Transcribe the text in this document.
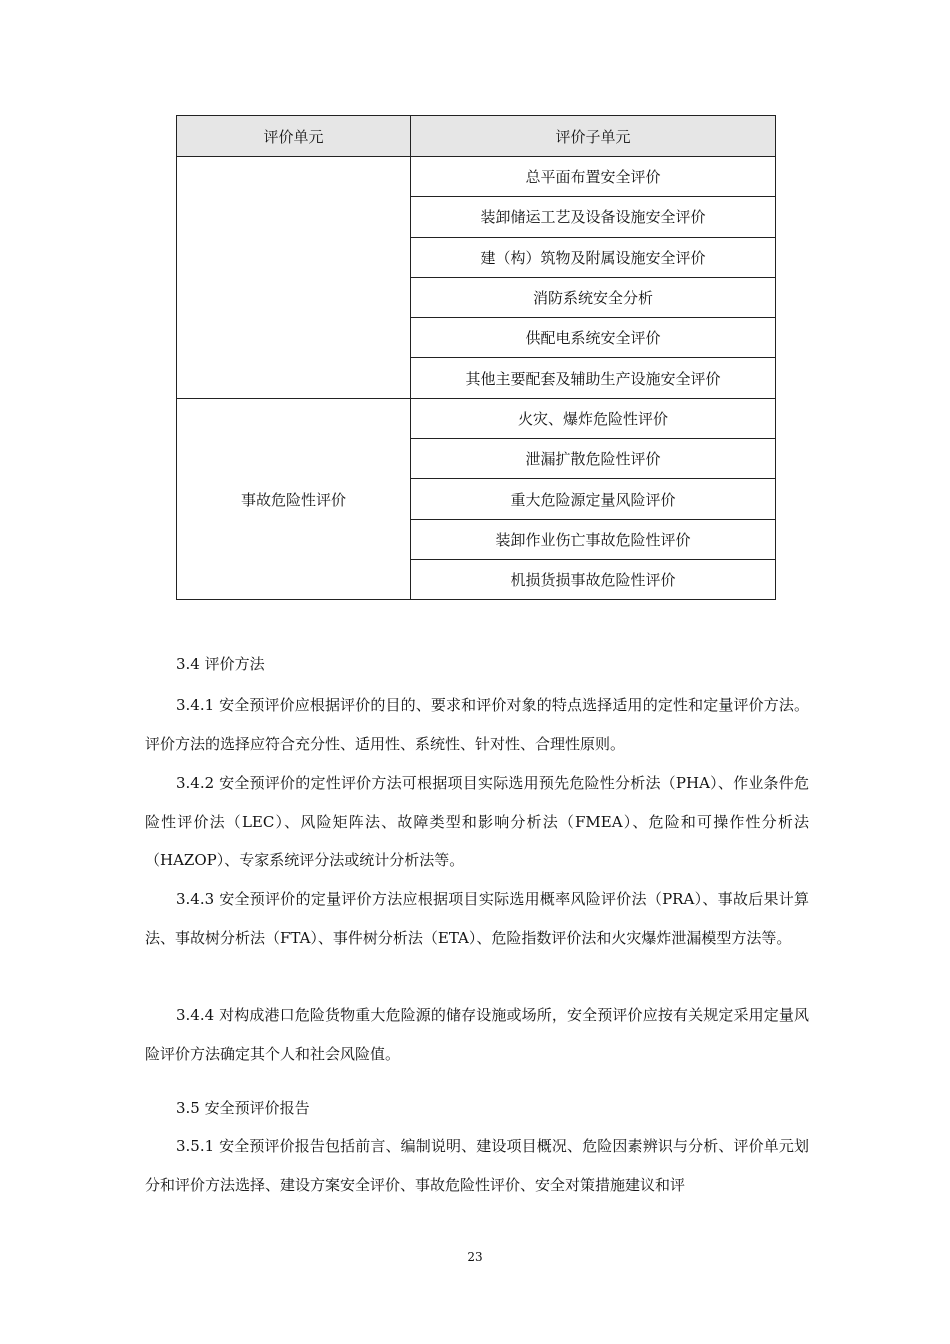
评价单元	评价子单元
	总平面布置安全评价
	装卸储运工艺及设备设施安全评价
	建（构）筑物及附属设施安全评价
	消防系统安全分析
	供配电系统安全评价
	其他主要配套及辅助生产设施安全评价
事故危险性评价	火灾、爆炸危险性评价
	泄漏扩散危险性评价
	重大危险源定量风险评价
	装卸作业伤亡事故危险性评价
	机损货损事故危险性评价

3.4 评价方法

3.4.1 安全预评价应根据评价的目的、要求和评价对象的特点选择适用的定性和定量评价方法。评价方法的选择应符合充分性、适用性、系统性、针对性、合理性原则。

3.4.2 安全预评价的定性评价方法可根据项目实际选用预先危险性分析法（PHA）、作业条件危险性评价法（LEC）、风险矩阵法、故障类型和影响分析法（FMEA）、危险和可操作性分析法（HAZOP）、专家系统评分法或统计分析法等。

3.4.3 安全预评价的定量评价方法应根据项目实际选用概率风险评价法（PRA）、事故后果计算法、事故树分析法（FTA）、事件树分析法（ETA）、危险指数评价法和火灾爆炸泄漏模型方法等。

3.4.4 对构成港口危险货物重大危险源的储存设施或场所，安全预评价应按有关规定采用定量风险评价方法确定其个人和社会风险值。

3.5 安全预评价报告

3.5.1 安全预评价报告包括前言、编制说明、建设项目概况、危险因素辨识与分析、评价单元划分和评价方法选择、建设方案安全评价、事故危险性评价、安全对策措施建议和评

23
